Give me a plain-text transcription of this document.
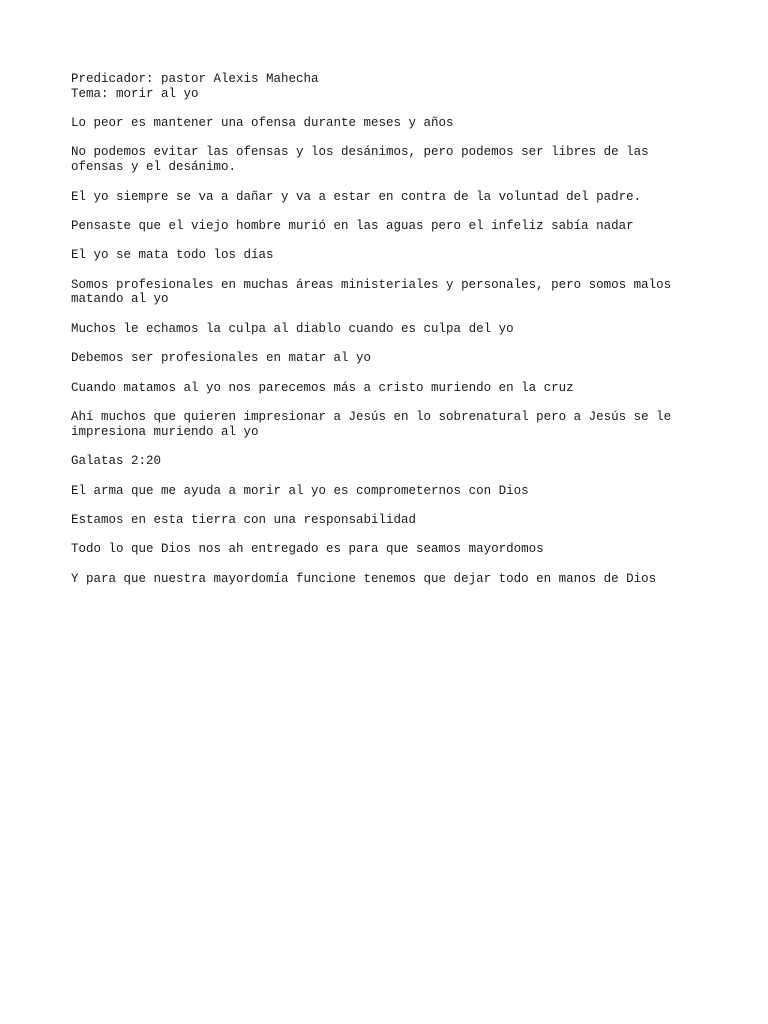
Predicador: pastor Alexis Mahecha
Tema: morir al yo

Lo peor es mantener una ofensa durante meses y años

No podemos evitar las ofensas y los desánimos, pero podemos ser libres de las
ofensas y el desánimo.

El yo siempre se va a dañar y va a estar en contra de la voluntad del padre.

Pensaste que el viejo hombre murió en las aguas pero el infeliz sabía nadar

El yo se mata todo los días

Somos profesionales en muchas áreas ministeriales y personales, pero somos malos
matando al yo

Muchos le echamos la culpa al diablo cuando es culpa del yo

Debemos ser profesionales en matar al yo

Cuando matamos al yo nos parecemos más a cristo muriendo en la cruz

Ahí muchos que quieren impresionar a Jesús en lo sobrenatural pero a Jesús se le
impresiona muriendo al yo

Galatas 2:20

El arma que me ayuda a morir al yo es comprometernos con Dios

Estamos en esta tierra con una responsabilidad

Todo lo que Dios nos ah entregado es para que seamos mayordomos

Y para que nuestra mayordomía funcione tenemos que dejar todo en manos de Dios
